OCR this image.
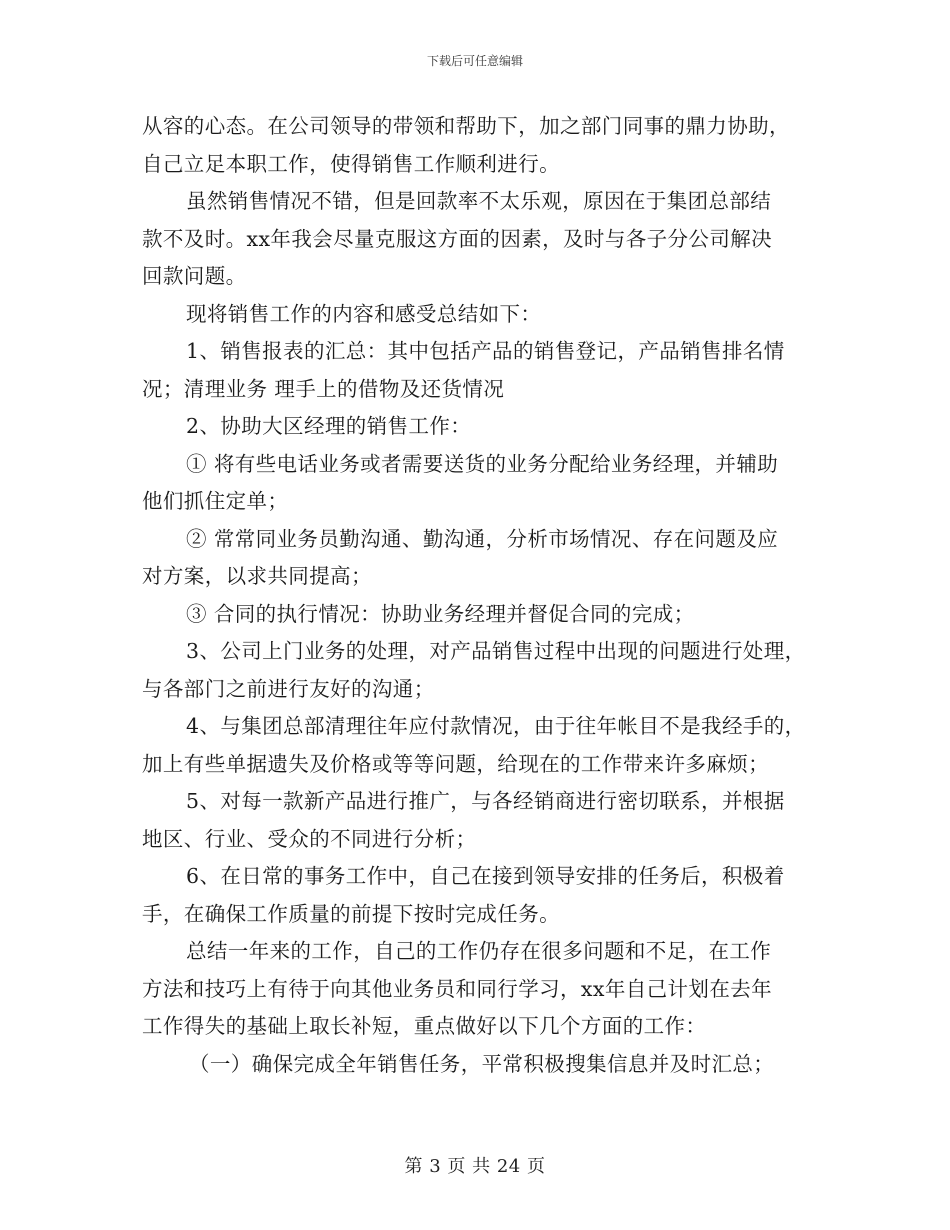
下载后可任意编辑
从容的心态。在公司领导的带领和帮助下，加之部门同事的鼎力协助，
自己立足本职工作，使得销售工作顺利进行。
虽然销售情况不错，但是回款率不太乐观，原因在于集团总部结
款不及时。xx年我会尽量克服这方面的因素，及时与各子分公司解决
回款问题。
现将销售工作的内容和感受总结如下：
1、销售报表的汇总：其中包括产品的销售登记，产品销售排名情
况；清理业务 理手上的借物及还货情况
2、协助大区经理的销售工作：
① 将有些电话业务或者需要送货的业务分配给业务经理，并辅助
他们抓住定单；
② 常常同业务员勤沟通、勤沟通，分析市场情况、存在问题及应
对方案，以求共同提高；
③ 合同的执行情况：协助业务经理并督促合同的完成；
3、公司上门业务的处理，对产品销售过程中出现的问题进行处理，
与各部门之前进行友好的沟通；
4、与集团总部清理往年应付款情况，由于往年帐目不是我经手的，
加上有些单据遗失及价格或等等问题，给现在的工作带来许多麻烦；
5、对每一款新产品进行推广，与各经销商进行密切联系，并根据
地区、行业、受众的不同进行分析；
6、在日常的事务工作中，自己在接到领导安排的任务后，积极着
手，在确保工作质量的前提下按时完成任务。
总结一年来的工作，自己的工作仍存在很多问题和不足，在工作
方法和技巧上有待于向其他业务员和同行学习，xx年自己计划在去年
工作得失的基础上取长补短，重点做好以下几个方面的工作：
（一）确保完成全年销售任务，平常积极搜集信息并及时汇总；
第 3 页 共 24 页
